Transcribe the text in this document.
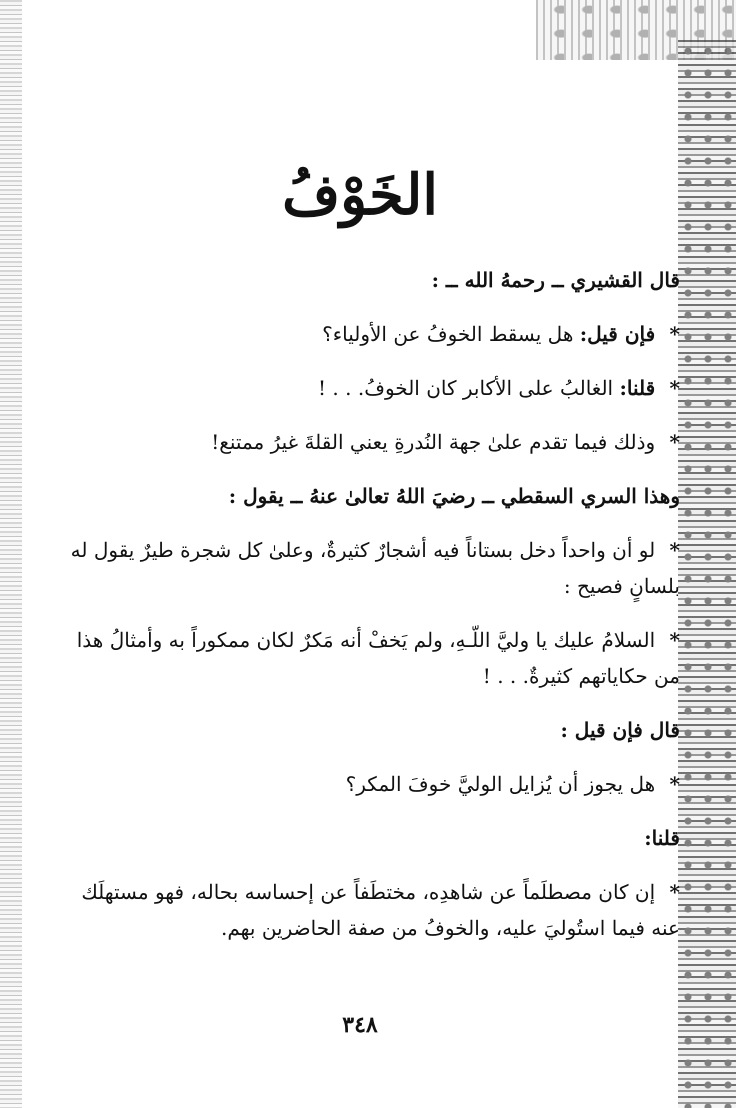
الخَوْفُ

قال القشيري ــ رحمهُ الله ــ :

* فإن قيل: هل يسقط الخوفُ عن الأولياء؟

* قلنا: الغالبُ على الأكابر كان الخوفُ. . . !

* وذلك فيما تقدم علىٰ جهة النُدرةِ يعني القلةَ غيرُ ممتنع!

وهذا السري السقطي ــ رضيَ اللهُ تعالىٰ عنهُ ــ يقول :

* لو أن واحداً دخل بستاناً فيه أشجارٌ كثيرةٌ، وعلىٰ كل شجرة طيرٌ يقول له بلسانٍ فصيح :

* السلامُ عليك يا وليَّ اللّـهِ، ولم يَخفْ أنه مَكرٌ لكان ممكوراً به وأمثالُ هذا من حكاياتهم كثيرةٌ. . . !

قال فإن قيل :

* هل يجوز أن يُزايل الوليَّ خوفَ المكر؟

قلنا:

* إن كان مصطلَماً عن شاهدِه، مختطَفاً عن إحساسه بحاله، فهو مستهلَك عنه فيما استُوليَ عليه، والخوفُ من صفة الحاضرين بهم.

٣٤٨
